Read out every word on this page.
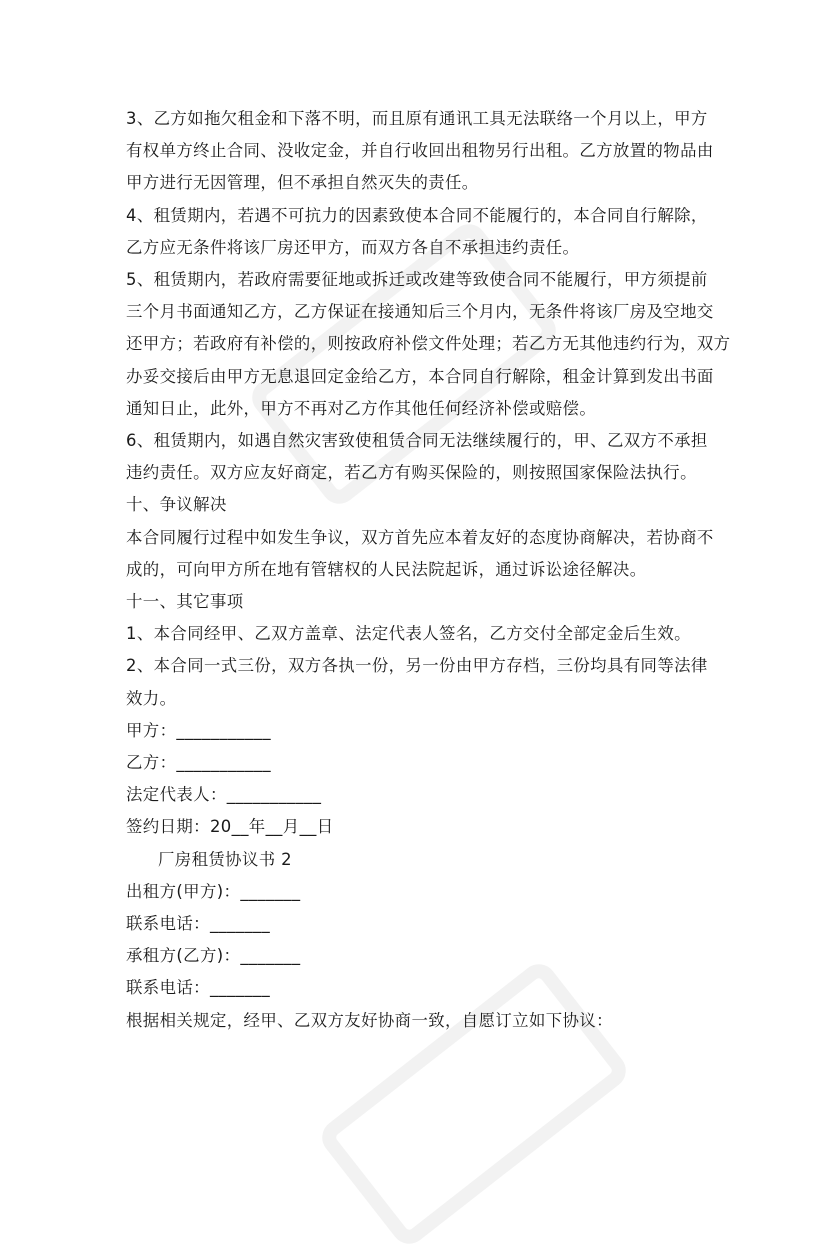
3、乙方如拖欠租金和下落不明，而且原有通讯工具无法联络一个月以上，甲方

有权单方终止合同、没收定金，并自行收回出租物另行出租。乙方放置的物品由

甲方进行无因管理，但不承担自然灭失的责任。

4、租赁期内，若遇不可抗力的因素致使本合同不能履行的，本合同自行解除，

乙方应无条件将该厂房还甲方，而双方各自不承担违约责任。

5、租赁期内，若政府需要征地或拆迁或改建等致使合同不能履行，甲方须提前

三个月书面通知乙方，乙方保证在接通知后三个月内，无条件将该厂房及空地交

还甲方；若政府有补偿的，则按政府补偿文件处理；若乙方无其他违约行为，双方

办妥交接后由甲方无息退回定金给乙方，本合同自行解除，租金计算到发出书面

通知日止，此外，甲方不再对乙方作其他任何经济补偿或赔偿。

6、租赁期内，如遇自然灾害致使租赁合同无法继续履行的，甲、乙双方不承担

违约责任。双方应友好商定，若乙方有购买保险的，则按照国家保险法执行。

十、争议解决

本合同履行过程中如发生争议，双方首先应本着友好的态度协商解决，若协商不

成的，可向甲方所在地有管辖权的人民法院起诉，通过诉讼途径解决。

十一、其它事项

1、本合同经甲、乙双方盖章、法定代表人签名，乙方交付全部定金后生效。

2、本合同一式三份，双方各执一份，另一份由甲方存档，三份均具有同等法律

效力。

甲方：___________

乙方：___________

法定代表人：___________

签约日期：20__年__月__日

厂房租赁协议书 2

出租方(甲方)：_______

联系电话：_______

承租方(乙方)：_______

联系电话：_______

根据相关规定，经甲、乙双方友好协商一致，自愿订立如下协议：
